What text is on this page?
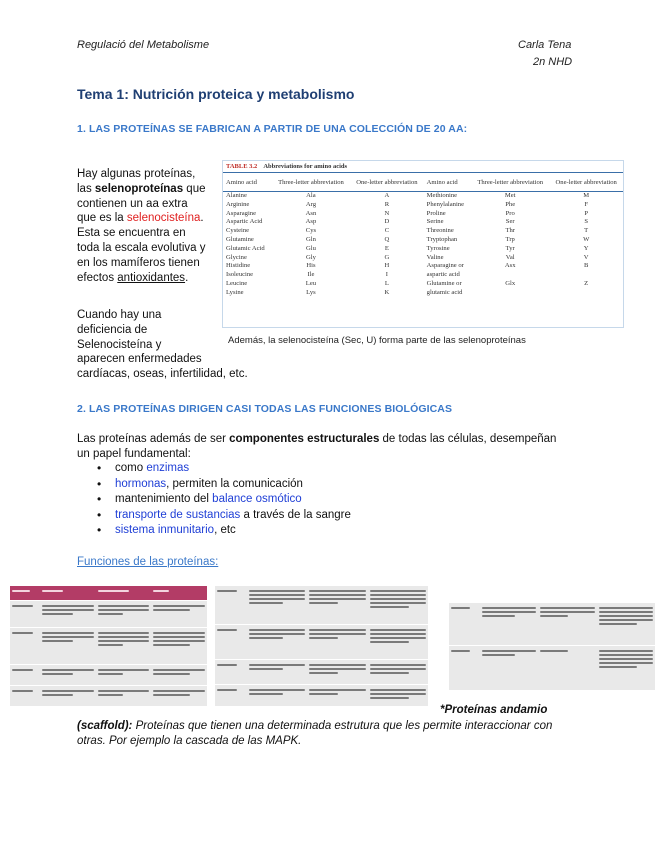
Regulació del Metabolisme	Carla Tena
2n NHD
Tema 1: Nutrición proteica y metabolismo
1. LAS PROTEÍNAS SE FABRICAN A PARTIR DE UNA COLECCIÓN DE 20 AA:
Hay algunas proteínas,
las selenoproteínas que
contienen un aa extra
que es la selenocisteína.
Esta se encuentra en
toda la escala evolutiva y
en los mamíferos tienen
efectos antioxidantes.
Cuando hay una
deficiencia de
Selenocisteína y
aparecen enfermedades
cardíacas, oseas, infertilidad, etc.
TABLE 3.2 Abbreviations for amino acids
Amino acid	Three-letter abbreviation	One-letter abbreviation	Amino acid	Three-letter abbreviation	One-letter abbreviation
Alanine	Ala	A	Methionine	Met	M
Arginine	Arg	R	Phenylalanine	Phe	F
Asparagine	Asn	N	Proline	Pro	P
Aspartic Acid	Asp	D	Serine	Ser	S
Cysteine	Cys	C	Threonine	Thr	T
Glutamine	Gln	Q	Tryptophan	Trp	W
Glutamic Acid	Glu	E	Tyrosine	Tyr	Y
Glycine	Gly	G	Valine	Val	V
Histidine	His	H	Asparagine or	Asx	B
Isoleucine	Ile	I	aspartic acid		
Leucine	Leu	L	Glutamine or	Glx	Z
Lysine	Lys	K	glutamic acid		
Además, la selenocisteína (Sec, U) forma parte de las selenoproteínas
2. LAS PROTEÍNAS DIRIGEN CASI TODAS LAS FUNCIONES BIOLÓGICAS
Las proteínas además de ser componentes estructurales de todas las células, desempeñan
un papel fundamental:
• como enzimas
• hormonas, permiten la comunicación
• mantenimiento del balance osmótico
• transporte de sustancias a través de la sangre
• sistema inmunitario, etc
Funciones de las proteínas:
*Proteínas andamio
(scaffold): Proteínas que tienen una determinada estrutura que les permite interaccionar con
otras. Por ejemplo la cascada de las MAPK.
